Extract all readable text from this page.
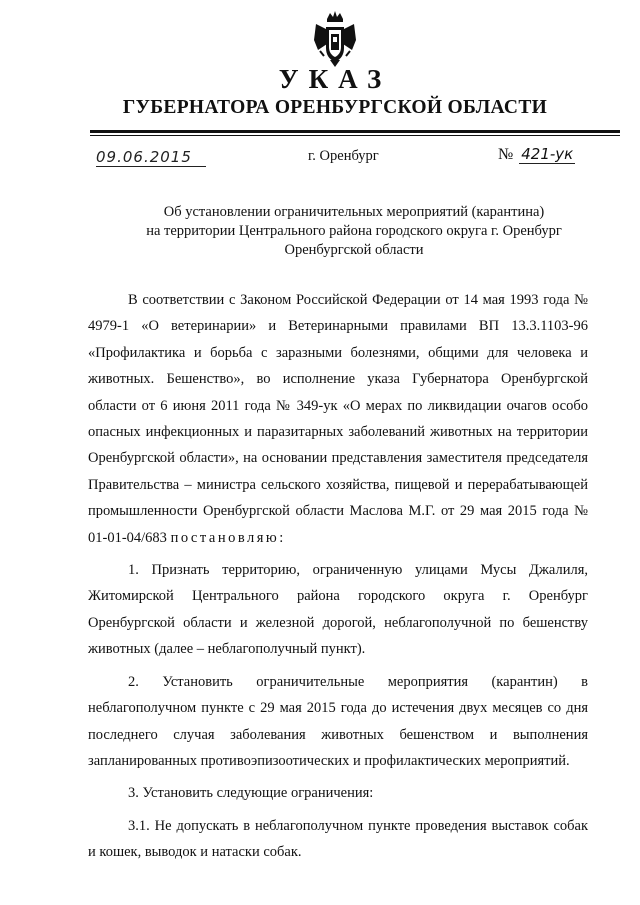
УКАЗ
ГУБЕРНАТОРА ОРЕНБУРГСКОЙ ОБЛАСТИ
09.06.2015	г. Оренбург	№ 421-ук
Об установлении ограничительных мероприятий (карантина)
на территории Центрального района городского округа г. Оренбург
Оренбургской области

В соответствии с Законом Российской Федерации от 14 мая 1993 года № 4979-1 «О ветеринарии» и Ветеринарными правилами ВП 13.3.1103-96 «Профилактика и борьба с заразными болезнями, общими для человека и животных. Бешенство», во исполнение указа Губернатора Оренбургской области от 6 июня 2011 года № 349-ук «О мерах по ликвидации очагов особо опасных инфекционных и паразитарных заболеваний животных на территории Оренбургской области», на основании представления заместителя председателя Правительства – министра сельского хозяйства, пищевой и перерабатывающей промышленности Оренбургской области Маслова М.Г. от 29 мая 2015 года № 01-01-04/683 постановляю:

1. Признать территорию, ограниченную улицами Мусы Джалиля, Житомирской Центрального района городского округа г. Оренбург Оренбургской области и железной дорогой, неблагополучной по бешенству животных (далее – неблагополучный пункт).

2. Установить ограничительные мероприятия (карантин) в неблагополучном пункте с 29 мая 2015 года до истечения двух месяцев со дня последнего случая заболевания животных бешенством и выполнения запланированных противоэпизоотических и профилактических мероприятий.

3. Установить следующие ограничения:

3.1. Не допускать в неблагополучном пункте проведения выставок собак и кошек, выводок и натаски собак.
